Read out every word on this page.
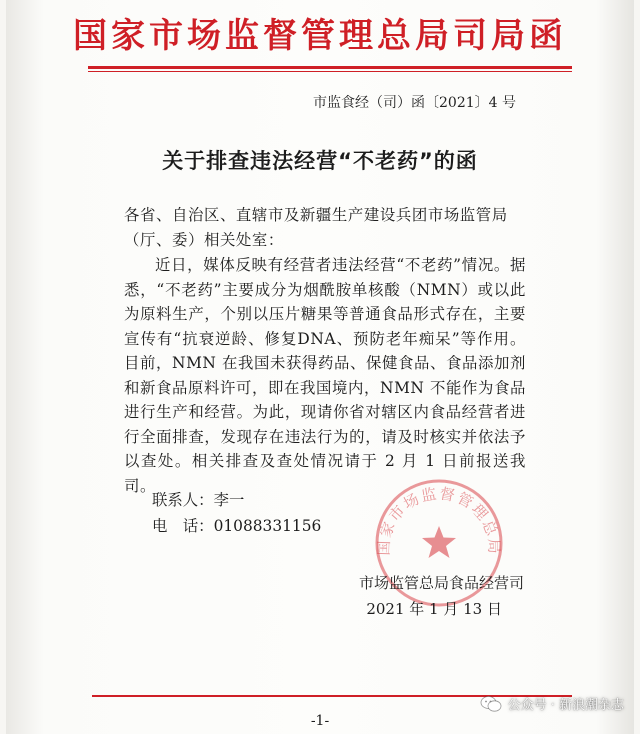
国家市场监督管理总局司局函
市监食经（司）函〔2021〕4 号
关于排查违法经营“不老药”的函
各省、自治区、直辖市及新疆生产建设兵团市场监管局（厅、委）相关处室：
近日，媒体反映有经营者违法经营“不老药”情况。据悉，“不老药”主要成分为烟酰胺单核酸（NMN）或以此为原料生产，个别以压片糖果等普通食品形式存在，主要宣传有“抗衰逆龄、修复DNA、预防老年痴呆”等作用。目前，NMN 在我国未获得药品、保健食品、食品添加剂和新食品原料许可，即在我国境内，NMN 不能作为食品进行生产和经营。为此，现请你省对辖区内食品经营者进行全面排查，发现存在违法行为的，请及时核实并依法予以查处。相关排查及查处情况请于 2 月 1 日前报送我司。
联系人：李一
电　话：01088331156
国家市场监督管理总局
市场监管总局食品经营司
2021 年 1 月 13 日
-1-
公众号 · 新浪潮杂志
